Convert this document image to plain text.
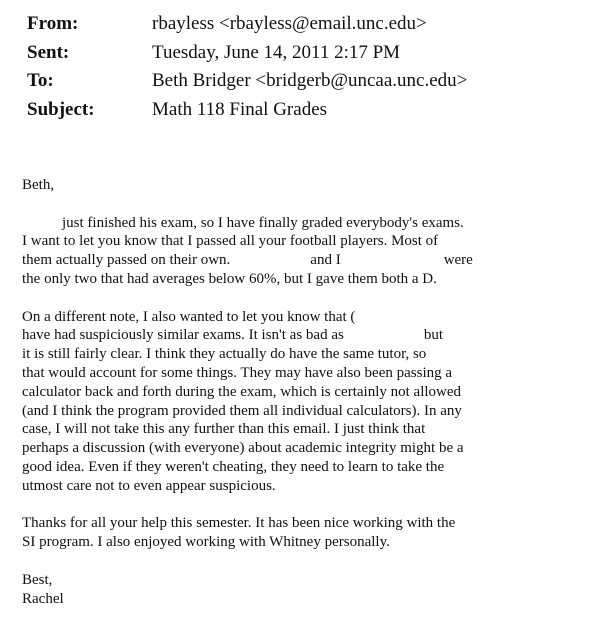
From:	rbayless <rbayless@email.unc.edu>
Sent:	Tuesday, June 14, 2011 2:17 PM
To:	Beth Bridger <bridgerb@uncaa.unc.edu>
Subject:	Math 118 Final Grades
Beth,
just finished his exam, so I have finally graded everybody's exams.
I want to let you know that I passed all your football players. Most of
them actually passed on their own.	and I	were
the only two that had averages below 60%, but I gave them both a D.
On a different note, I also wanted to let you know that (
have had suspiciously similar exams. It isn't as bad as	but
it is still fairly clear. I think they actually do have the same tutor, so
that would account for some things. They may have also been passing a
calculator back and forth during the exam, which is certainly not allowed
(and I think the program provided them all individual calculators). In any
case, I will not take this any further than this email. I just think that
perhaps a discussion (with everyone) about academic integrity might be a
good idea. Even if they weren't cheating, they need to learn to take the
utmost care not to even appear suspicious.
Thanks for all your help this semester. It has been nice working with the
SI program. I also enjoyed working with Whitney personally.
Best,
Rachel
